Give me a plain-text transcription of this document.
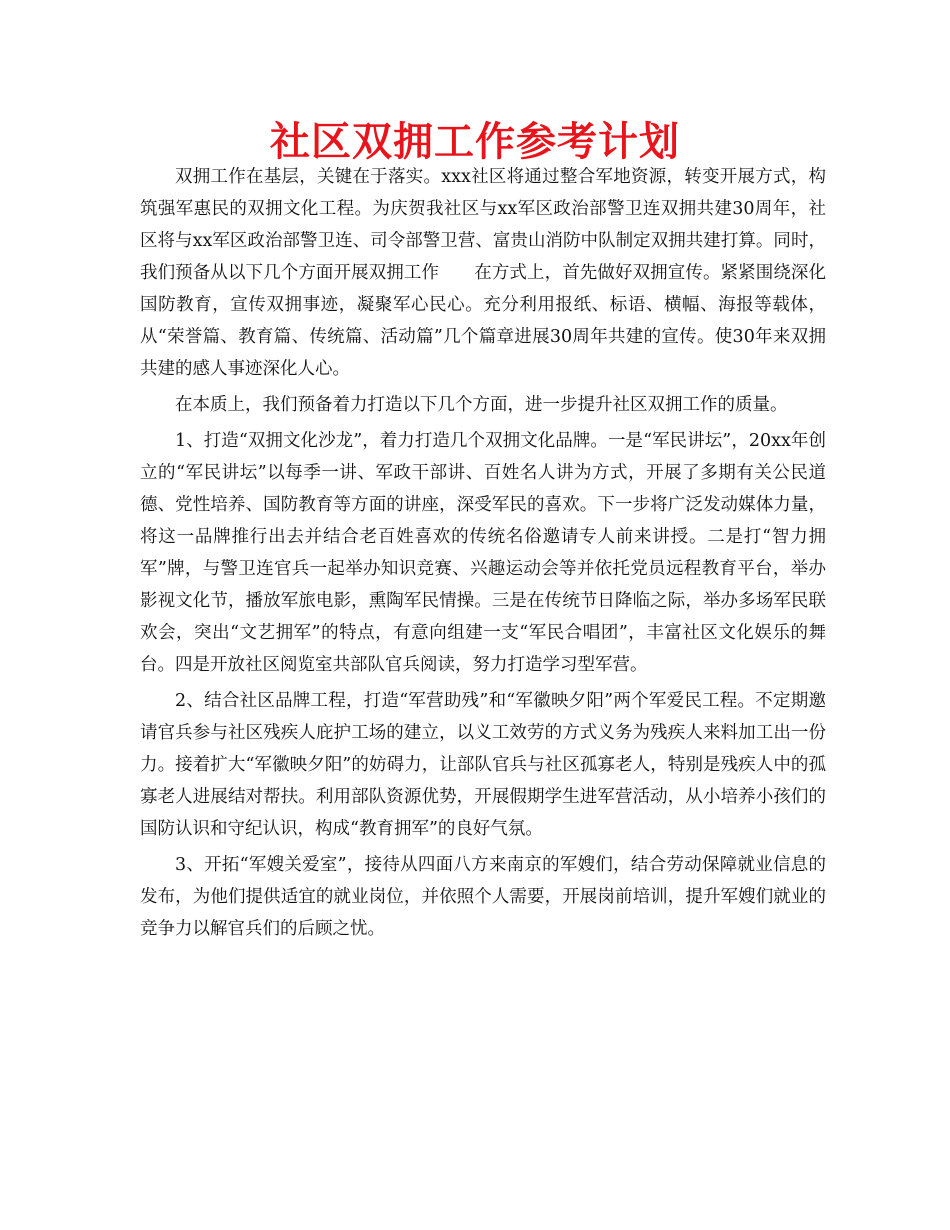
社区双拥工作参考计划

双拥工作在基层，关键在于落实。xxx社区将通过整合军地资源，转变开展方式，构筑强军惠民的双拥文化工程。为庆贺我社区与xx军区政治部警卫连双拥共建30周年，社区将与xx军区政治部警卫连、司令部警卫营、富贵山消防中队制定双拥共建打算。同时，我们预备从以下几个方面开展双拥工作　　在方式上，首先做好双拥宣传。紧紧围绕深化国防教育，宣传双拥事迹，凝聚军心民心。充分利用报纸、标语、横幅、海报等载体，从“荣誉篇、教育篇、传统篇、活动篇”几个篇章进展30周年共建的宣传。使30年来双拥共建的感人事迹深化人心。

在本质上，我们预备着力打造以下几个方面，进一步提升社区双拥工作的质量。

1、打造“双拥文化沙龙”，着力打造几个双拥文化品牌。一是“军民讲坛”，20xx年创立的“军民讲坛”以每季一讲、军政干部讲、百姓名人讲为方式，开展了多期有关公民道德、党性培养、国防教育等方面的讲座，深受军民的喜欢。下一步将广泛发动媒体力量，将这一品牌推行出去并结合老百姓喜欢的传统名俗邀请专人前来讲授。二是打“智力拥军”牌，与警卫连官兵一起举办知识竞赛、兴趣运动会等并依托党员远程教育平台，举办影视文化节，播放军旅电影，熏陶军民情操。三是在传统节日降临之际，举办多场军民联欢会，突出“文艺拥军”的特点，有意向组建一支“军民合唱团”，丰富社区文化娱乐的舞台。四是开放社区阅览室共部队官兵阅读，努力打造学习型军营。

2、结合社区品牌工程，打造“军营助残”和“军徽映夕阳”两个军爱民工程。不定期邀请官兵参与社区残疾人庇护工场的建立，以义工效劳的方式义务为残疾人来料加工出一份力。接着扩大“军徽映夕阳”的妨碍力，让部队官兵与社区孤寡老人，特别是残疾人中的孤寡老人进展结对帮扶。利用部队资源优势，开展假期学生进军营活动，从小培养小孩们的国防认识和守纪认识，构成“教育拥军”的良好气氛。

3、开拓“军嫂关爱室”，接待从四面八方来南京的军嫂们，结合劳动保障就业信息的发布，为他们提供适宜的就业岗位，并依照个人需要，开展岗前培训，提升军嫂们就业的竞争力以解官兵们的后顾之忧。
